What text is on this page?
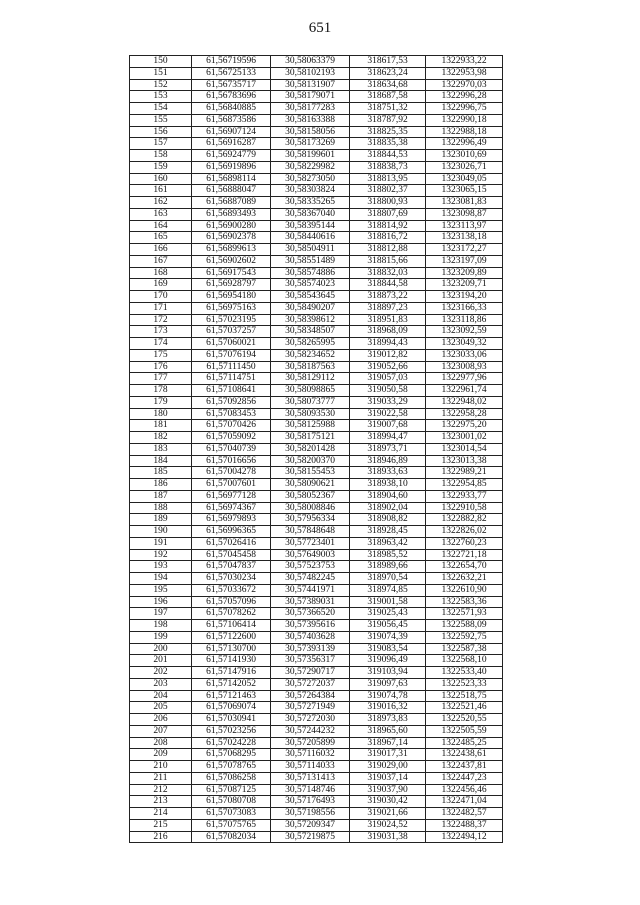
651
150	61,56719596	30,58063379	318617,53	1322933,22
151	61,56725133	30,58102193	318623,24	1322953,98
152	61,56735717	30,58131907	318634,68	1322970,03
153	61,56783696	30,58179071	318687,58	1322996,28
154	61,56840885	30,58177283	318751,32	1322996,75
155	61,56873586	30,58163388	318787,92	1322990,18
156	61,56907124	30,58158056	318825,35	1322988,18
157	61,56916287	30,58173269	318835,38	1322996,49
158	61,56924779	30,58199601	318844,53	1323010,69
159	61,56919896	30,58229982	318838,73	1323026,71
160	61,56898114	30,58273050	318813,95	1323049,05
161	61,56888047	30,58303824	318802,37	1323065,15
162	61,56887089	30,58335265	318800,93	1323081,83
163	61,56893493	30,58367040	318807,69	1323098,87
164	61,56900280	30,58395144	318814,92	1323113,97
165	61,56902378	30,58440616	318816,72	1323138,18
166	61,56899613	30,58504911	318812,88	1323172,27
167	61,56902602	30,58551489	318815,66	1323197,09
168	61,56917543	30,58574886	318832,03	1323209,89
169	61,56928797	30,58574023	318844,58	1323209,71
170	61,56954180	30,58543645	318873,22	1323194,20
171	61,56975163	30,58490207	318897,23	1323166,33
172	61,57023195	30,58398612	318951,83	1323118,86
173	61,57037257	30,58348507	318968,09	1323092,59
174	61,57060021	30,58265995	318994,43	1323049,32
175	61,57076194	30,58234652	319012,82	1323033,06
176	61,57111450	30,58187563	319052,66	1323008,93
177	61,57114751	30,58129112	319057,03	1322977,96
178	61,57108641	30,58098865	319050,58	1322961,74
179	61,57092856	30,58073777	319033,29	1322948,02
180	61,57083453	30,58093530	319022,58	1322958,28
181	61,57070426	30,58125988	319007,68	1322975,20
182	61,57059092	30,58175121	318994,47	1323001,02
183	61,57040739	30,58201428	318973,71	1323014,54
184	61,57016656	30,58200370	318946,89	1323013,38
185	61,57004278	30,58155453	318933,63	1322989,21
186	61,57007601	30,58090621	318938,10	1322954,85
187	61,56977128	30,58052367	318904,60	1322933,77
188	61,56974367	30,58008846	318902,04	1322910,58
189	61,56979893	30,57956334	318908,82	1322882,82
190	61,56996365	30,57848648	318928,45	1322826,02
191	61,57026416	30,57723401	318963,42	1322760,23
192	61,57045458	30,57649003	318985,52	1322721,18
193	61,57047837	30,57523753	318989,66	1322654,70
194	61,57030234	30,57482245	318970,54	1322632,21
195	61,57033672	30,57441971	318974,85	1322610,90
196	61,57057096	30,57389031	319001,58	1322583,36
197	61,57078262	30,57366520	319025,43	1322571,93
198	61,57106414	30,57395616	319056,45	1322588,09
199	61,57122600	30,57403628	319074,39	1322592,75
200	61,57130700	30,57393139	319083,54	1322587,38
201	61,57141930	30,57356317	319096,49	1322568,10
202	61,57147916	30,57290717	319103,94	1322533,40
203	61,57142052	30,57272037	319097,63	1322523,33
204	61,57121463	30,57264384	319074,78	1322518,75
205	61,57069074	30,57271949	319016,32	1322521,46
206	61,57030941	30,57272030	318973,83	1322520,55
207	61,57023256	30,57244232	318965,60	1322505,59
208	61,57024228	30,57205899	318967,14	1322485,25
209	61,57068295	30,57116032	319017,31	1322438,61
210	61,57078765	30,57114033	319029,00	1322437,81
211	61,57086258	30,57131413	319037,14	1322447,23
212	61,57087125	30,57148746	319037,90	1322456,46
213	61,57080708	30,57176493	319030,42	1322471,04
214	61,57073083	30,57198556	319021,66	1322482,57
215	61,57075765	30,57209347	319024,52	1322488,37
216	61,57082034	30,57219875	319031,38	1322494,12
